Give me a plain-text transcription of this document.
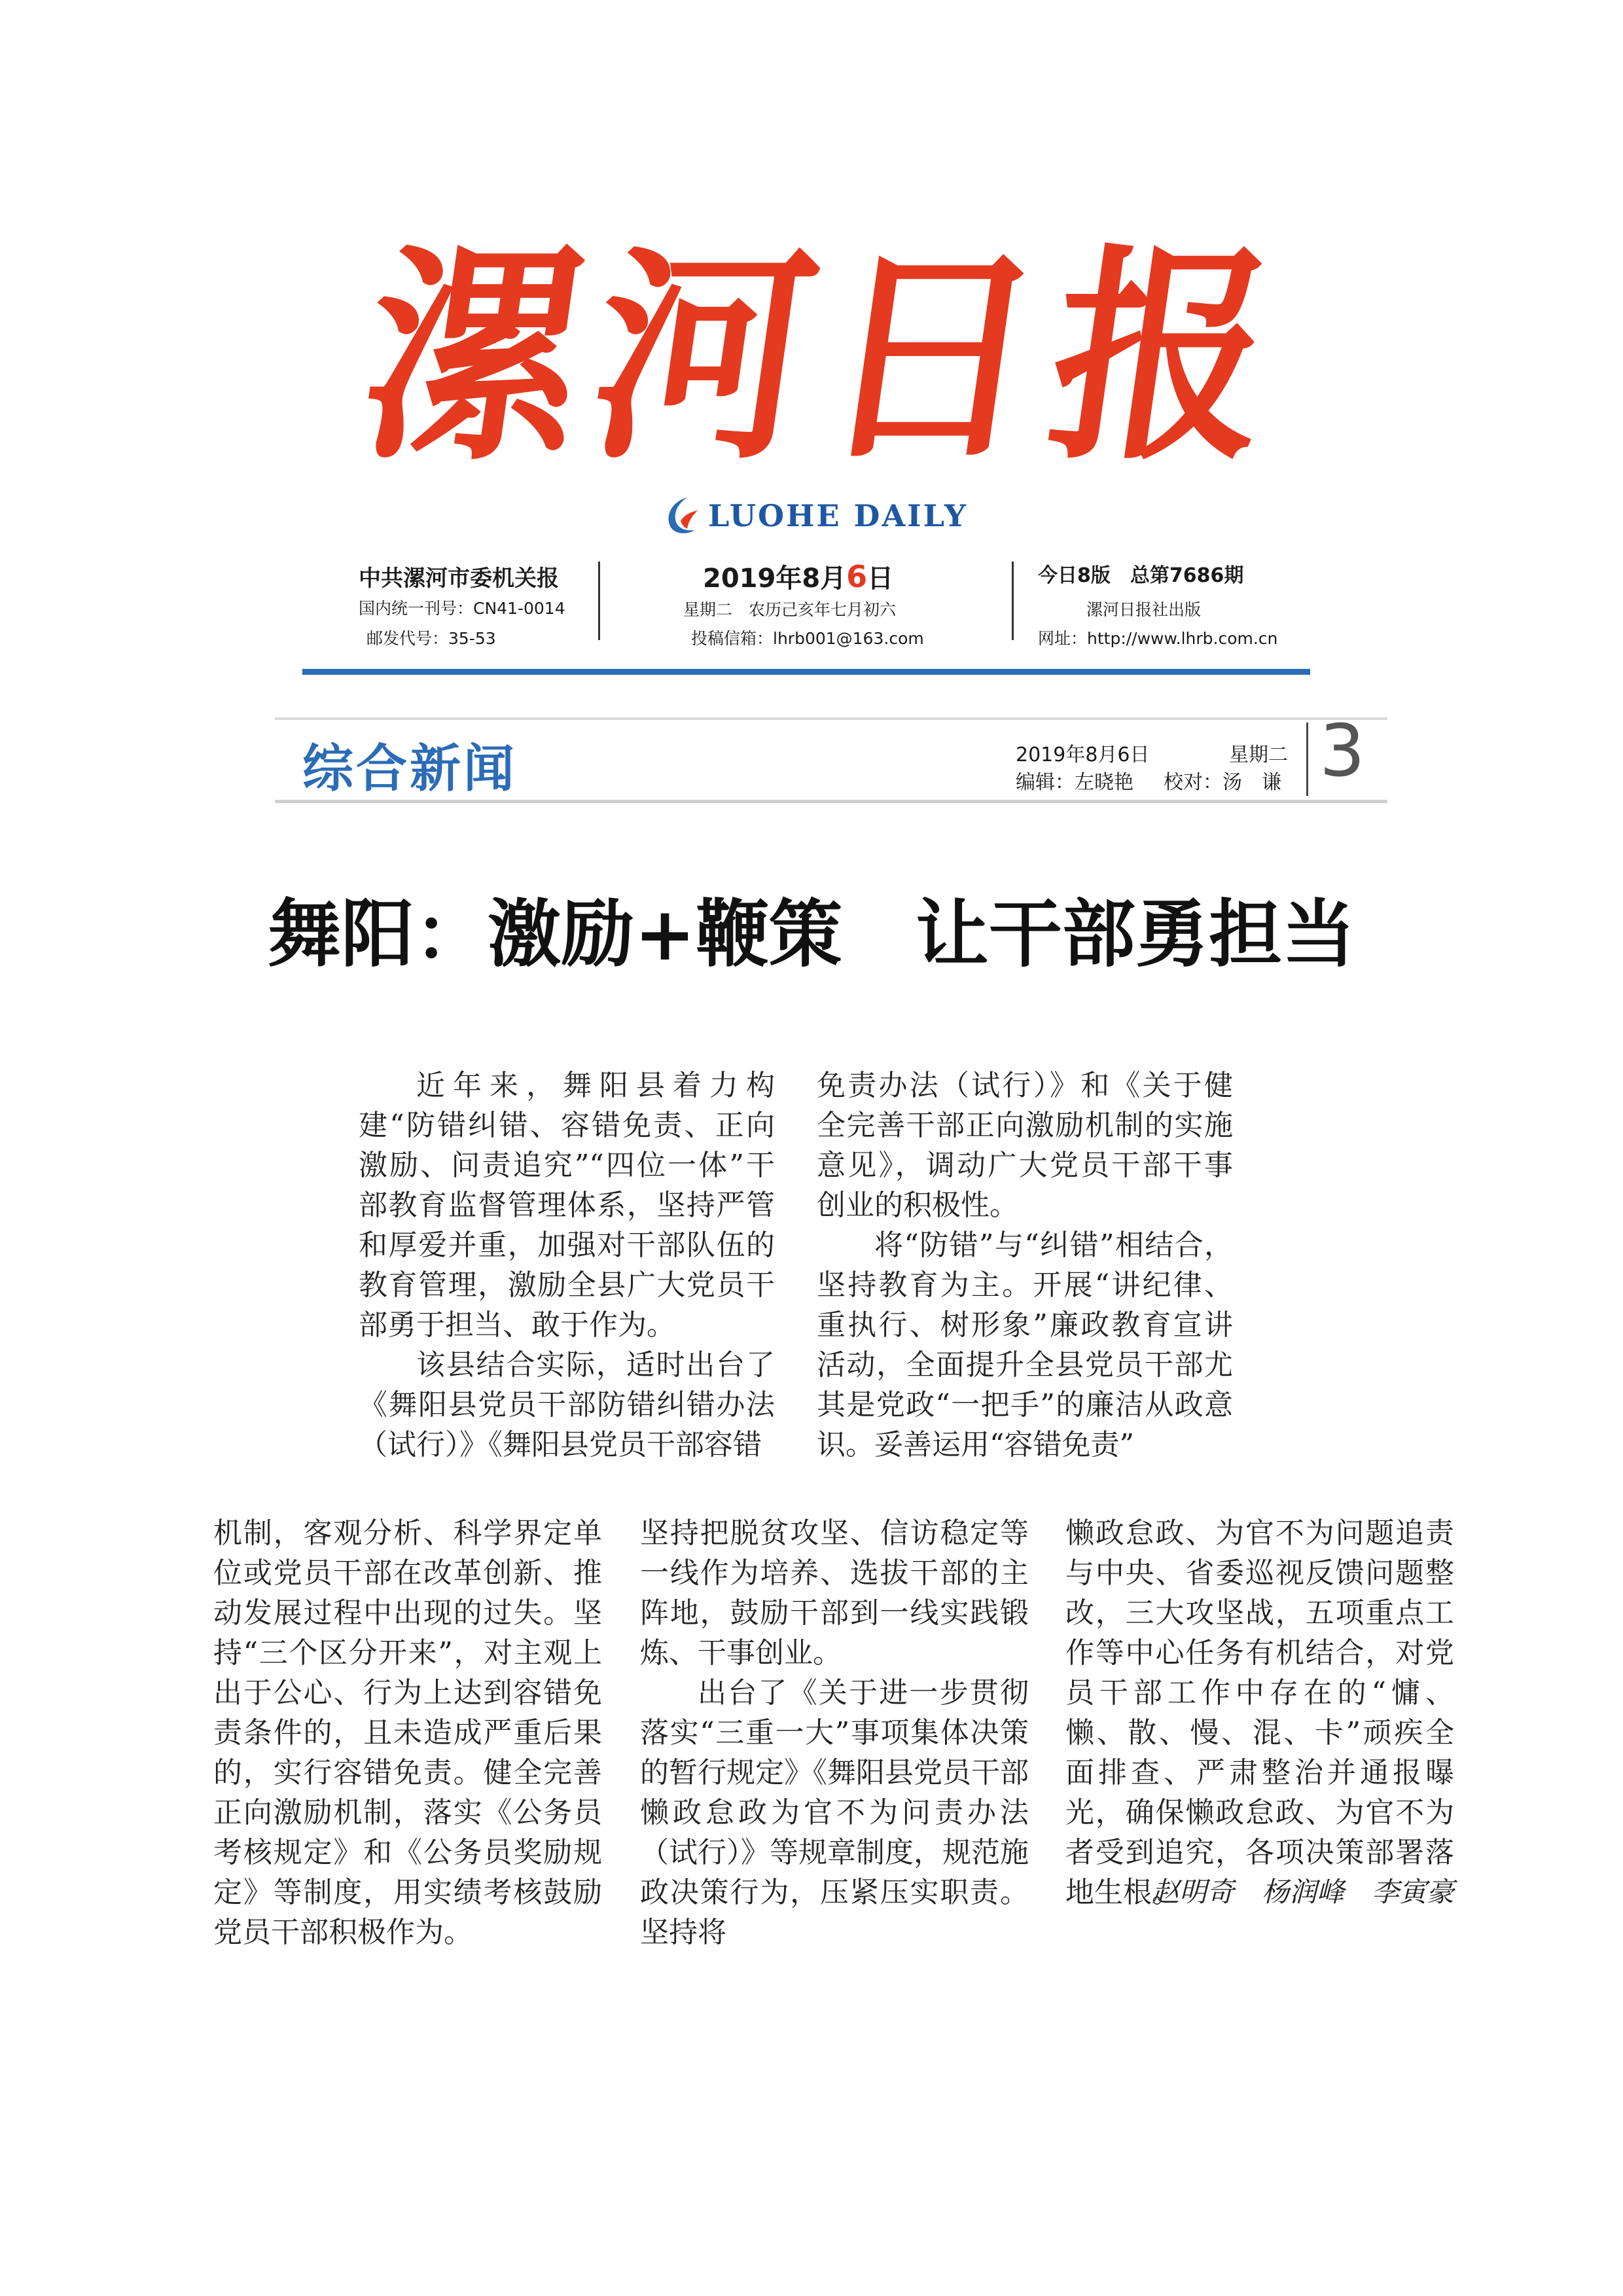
漯
河
日
报
LUOHE DAILY
中共漯河市委机关报
国内统一刊号：CN41-0014
邮发代号：35-53
2019年8月6日
星期二　农历己亥年七月初六
投稿信箱：lhrb001@163.com
今日8版　总第7686期
漯河日报社出版
网址：http://www.lhrb.com.cn
综合新闻	2019年8月6日	星期二
编辑：左晓艳 校对：汤　谦 3
舞阳：激励+鞭策　让干部勇担当

近年来，舞阳县着力构建“防错纠错、容错免责、正向激励、问责追究”“四位一体”干部教育监督管理体系，坚持严管和厚爱并重，加强对干部队伍的教育管理，激励全县广大党员干部勇于担当、敢于作为。

该县结合实际，适时出台了《舞阳县党员干部防错纠错办法（试行）》《舞阳县党员干部容错

免责办法（试行）》和《关于健全完善干部正向激励机制的实施意见》，调动广大党员干部干事创业的积极性。

将“防错”与“纠错”相结合，坚持教育为主。开展“讲纪律、重执行、树形象”廉政教育宣讲活动，全面提升全县党员干部尤其是党政“一把手”的廉洁从政意识。妥善运用“容错免责”

机制，客观分析、科学界定单位或党员干部在改革创新、推动发展过程中出现的过失。坚持“三个区分开来”，对主观上出于公心、行为上达到容错免责条件的，且未造成严重后果的，实行容错免责。健全完善正向激励机制，落实《公务员考核规定》和《公务员奖励规定》等制度，用实绩考核鼓励党员干部积极作为。

坚持把脱贫攻坚、信访稳定等一线作为培养、选拔干部的主阵地，鼓励干部到一线实践锻炼、干事创业。

出台了《关于进一步贯彻落实“三重一大”事项集体决策的暂行规定》《舞阳县党员干部懒政怠政为官不为问责办法（试行）》等规章制度，规范施政决策行为，压紧压实职责。坚持将

懒政怠政、为官不为问题追责与中央、省委巡视反馈问题整改，三大攻坚战，五项重点工作等中心任务有机结合，对党员干部工作中存在的“慵、懒、散、慢、混、卡”顽疾全面排查、严肃整治并通报曝光，确保懒政怠政、为官不为者受到追究，各项决策部署落地生根。

赵明奇　杨润峰　李寅豪
